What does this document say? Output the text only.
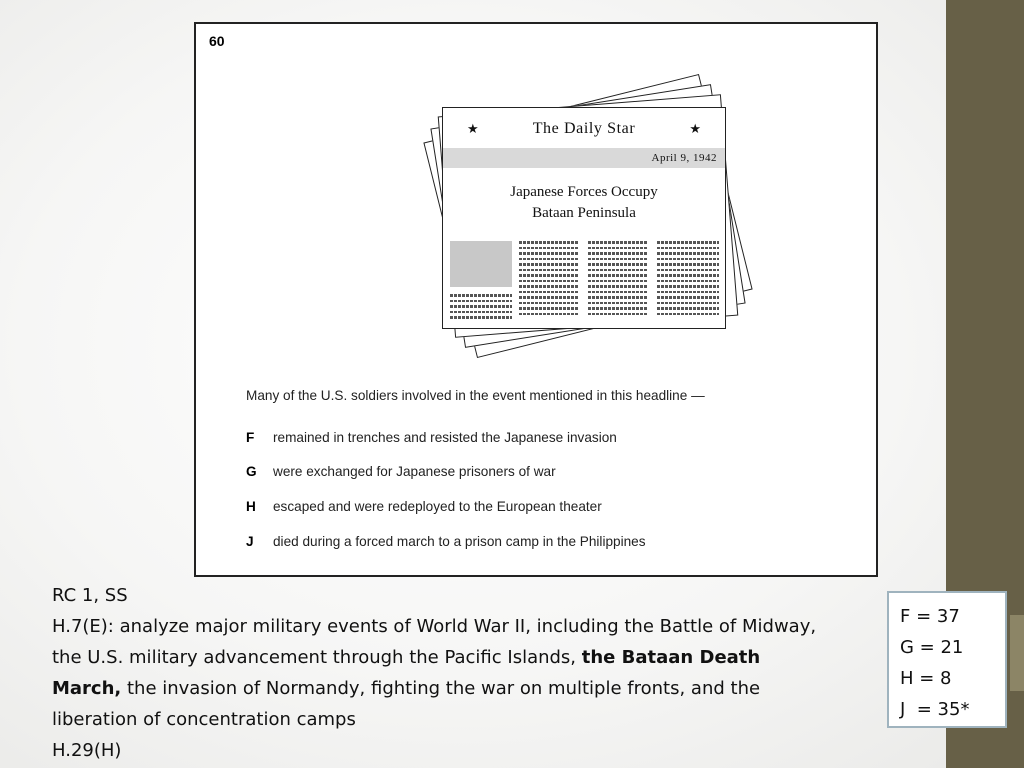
60
★	The Daily Star	★
April 9, 1942
Japanese Forces Occupy
Bataan Peninsula
Many of the U.S. soldiers involved in the event mentioned in this headline —
F remained in trenches and resisted the Japanese invasion
G were exchanged for Japanese prisoners of war
H escaped and were redeployed to the European theater
J died during a forced march to a prison camp in the Philippines

RC 1, SS

H.7(E): analyze major military events of World War II, including the Battle of Midway, the U.S. military advancement through the Pacific Islands, the Bataan Death March, the invasion of Normandy, fighting the war on multiple fronts, and the liberation of concentration camps

H.29(H)

F = 37
G = 21
H = 8
J  = 35*
